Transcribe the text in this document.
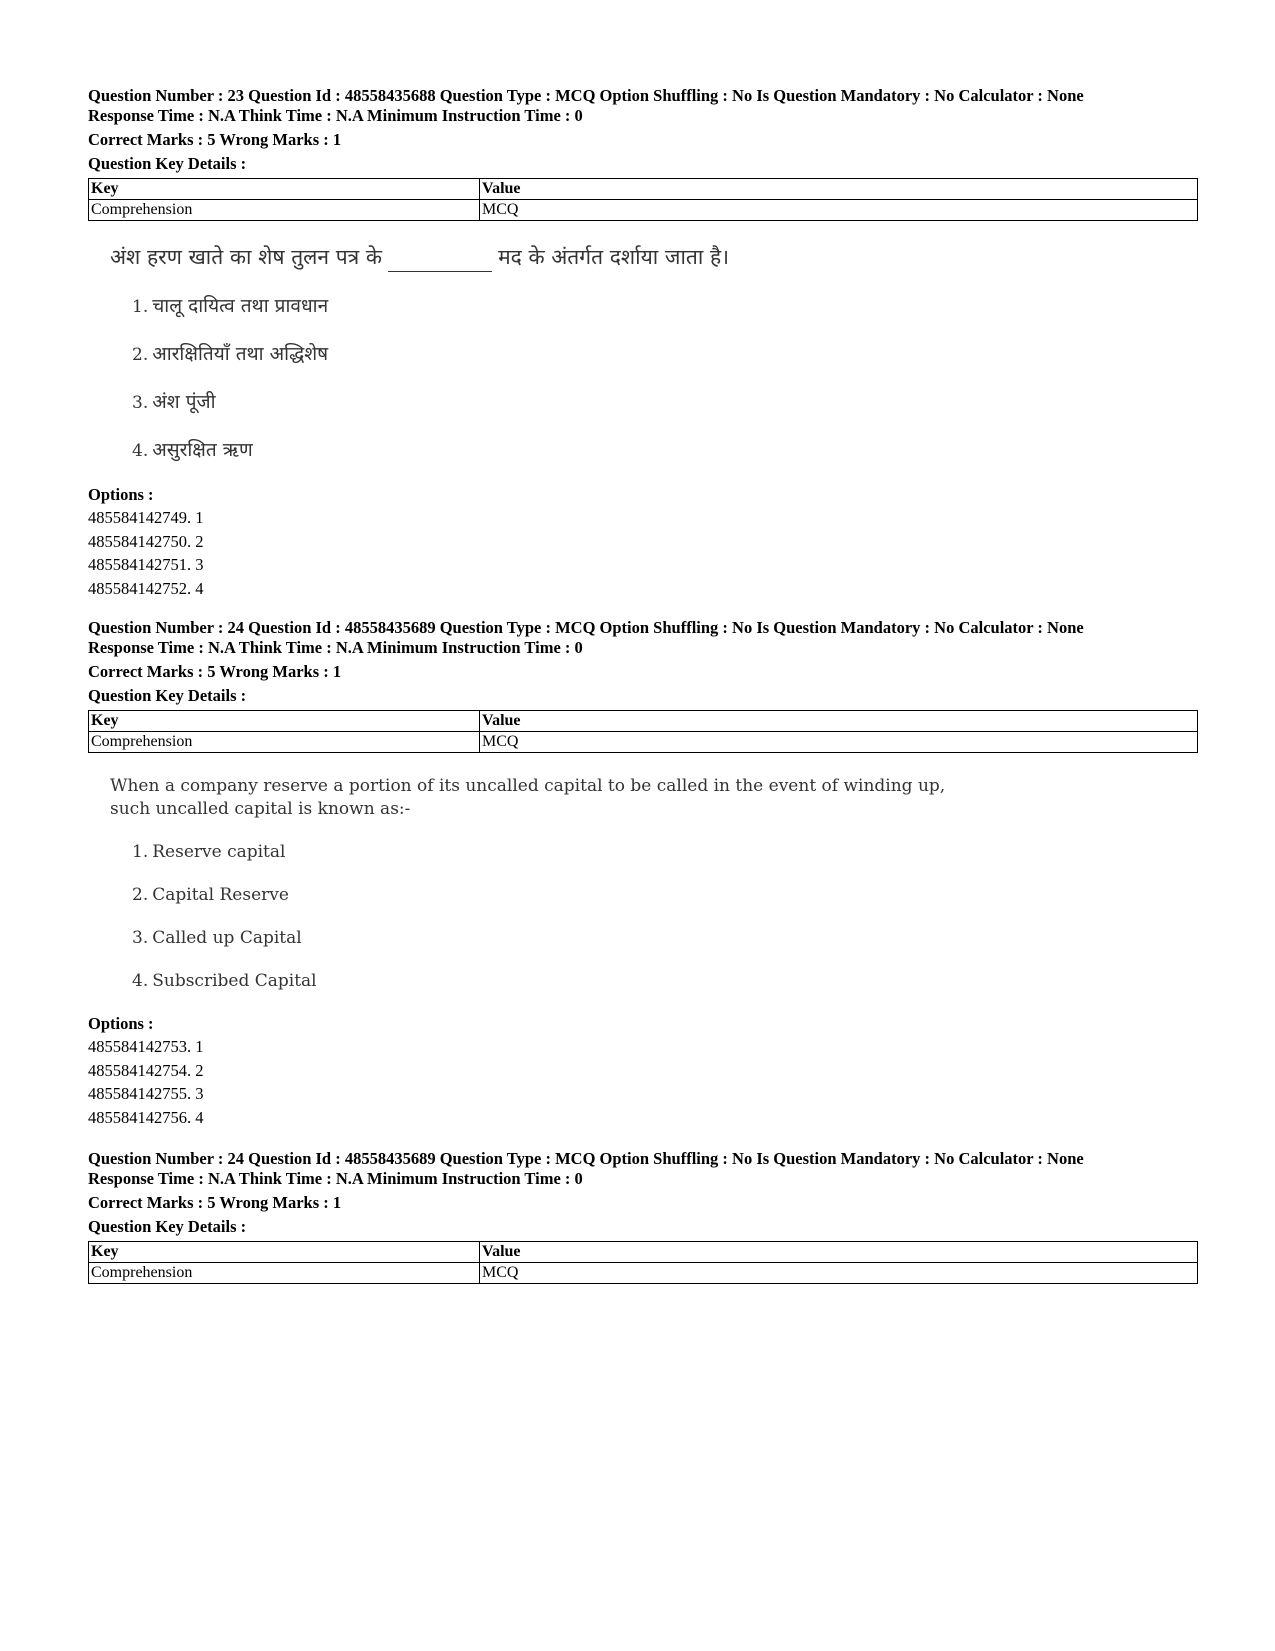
Question Number : 23 Question Id : 48558435688 Question Type : MCQ Option Shuffling : No Is Question Mandatory : No Calculator : None
Response Time : N.A Think Time : N.A Minimum Instruction Time : 0
Correct Marks : 5 Wrong Marks : 1
Question Key Details :
Key	Value
Comprehension	MCQ
अंश हरण खाते का शेष तुलन पत्र के	मद के अंतर्गत दर्शाया जाता है।
1. चालू दायित्व तथा प्रावधान
2. आरक्षितियाँ तथा अद्धिशेष
3. अंश पूंजी
4. असुरक्षित ऋण
Options :
485584142749. 1
485584142750. 2
485584142751. 3
485584142752. 4
Question Number : 24 Question Id : 48558435689 Question Type : MCQ Option Shuffling : No Is Question Mandatory : No Calculator : None
Response Time : N.A Think Time : N.A Minimum Instruction Time : 0
Correct Marks : 5 Wrong Marks : 1
Question Key Details :
Key	Value
Comprehension	MCQ
When a company reserve a portion of its uncalled capital to be called in the event of winding up, such uncalled capital is known as:-
1. Reserve capital
2. Capital Reserve
3. Called up Capital
4. Subscribed Capital
Options :
485584142753. 1
485584142754. 2
485584142755. 3
485584142756. 4
Question Number : 24 Question Id : 48558435689 Question Type : MCQ Option Shuffling : No Is Question Mandatory : No Calculator : None
Response Time : N.A Think Time : N.A Minimum Instruction Time : 0
Correct Marks : 5 Wrong Marks : 1
Question Key Details :
Key	Value
Comprehension	MCQ
